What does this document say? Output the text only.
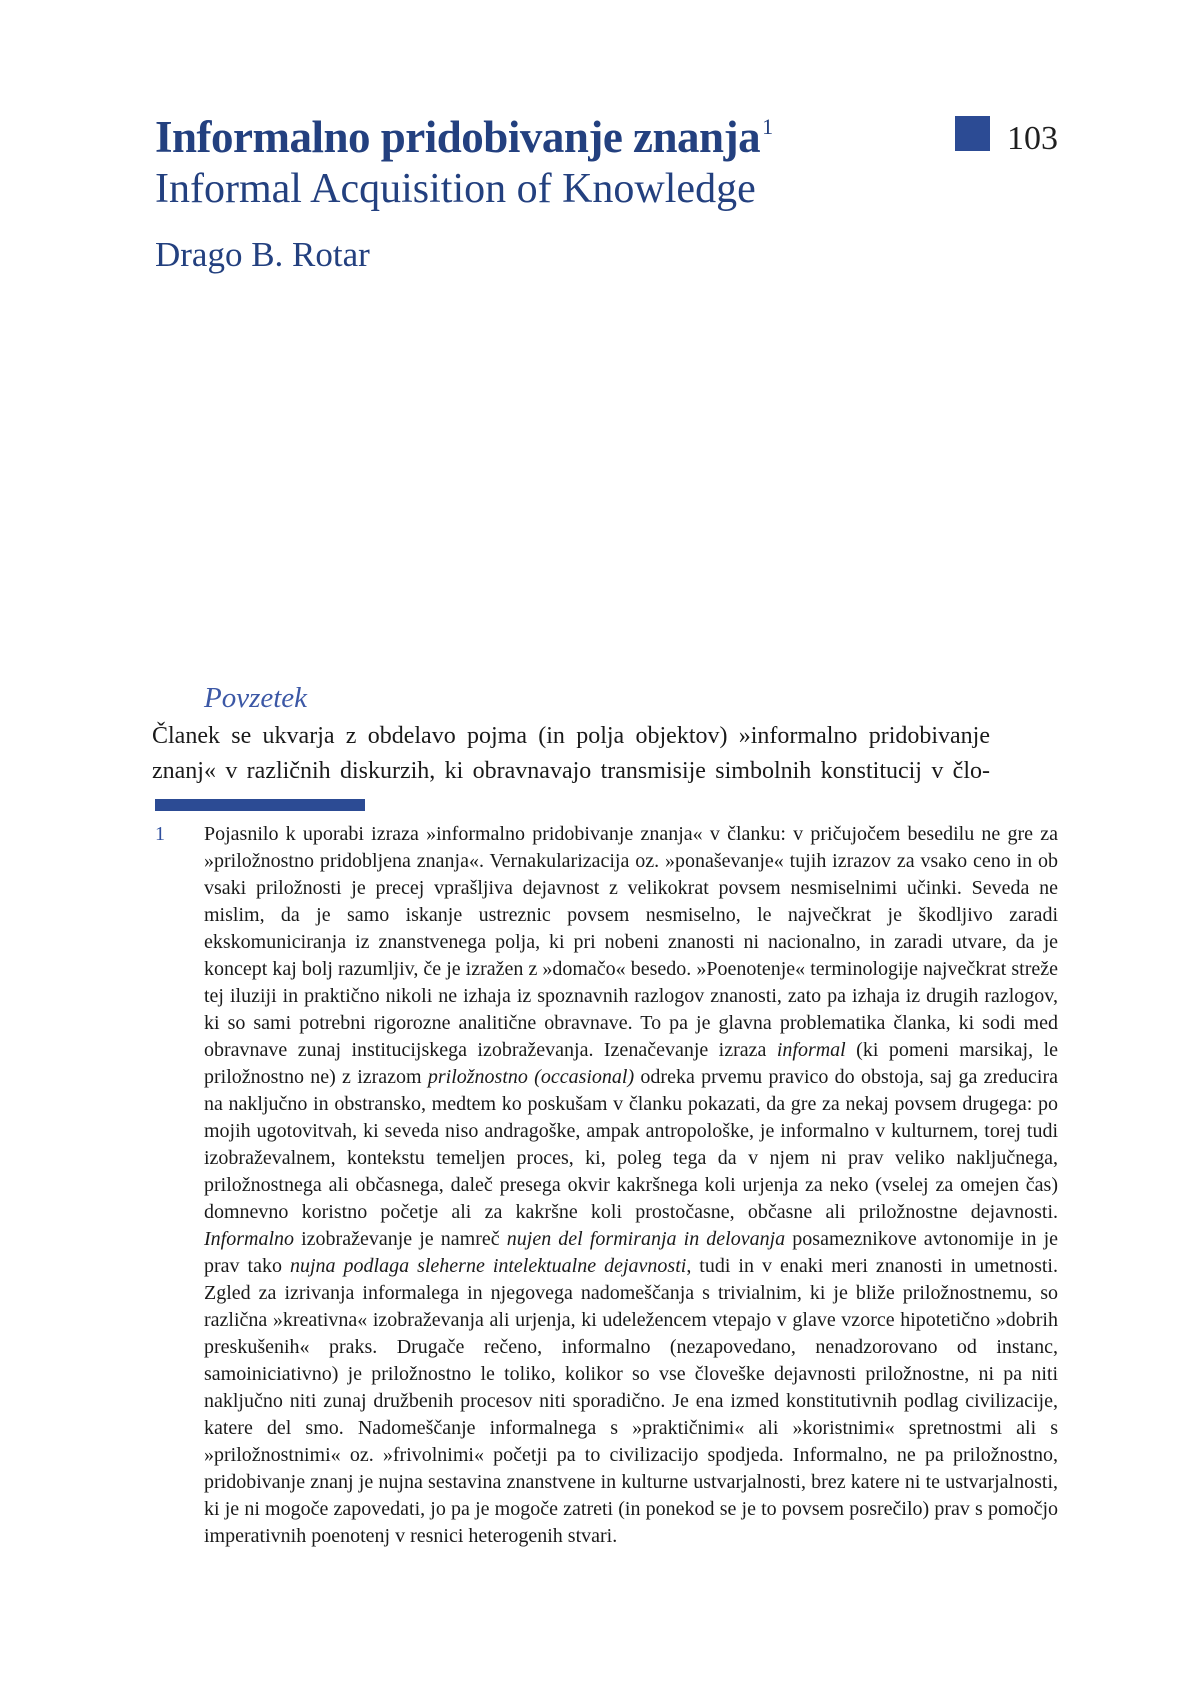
Informalno pridobivanje znanja$^1$
Informal Acquisition of Knowledge
Drago B. Rotar
103
Povzetek

Članek se ukvarja z obdelavo pojma (in polja objektov) »informalno pridobivanje
znanj« v različnih diskurzih, ki obravnavajo transmisije simbolnih konstitucij v člo-

1	Pojasnilo k uporabi izraza »informalno pridobivanje znanja« v članku: v pričujočem besedilu ne gre za »priložnostno pridobljena znanja«. Vernakularizacija oz. »ponaševanje« tujih izrazov za vsako ceno in ob vsaki priložnosti je precej vprašljiva dejavnost z velikokrat povsem nesmiselnimi učinki. Seveda ne mislim, da je samo iskanje ustreznic povsem nesmiselno, le največkrat je škodljivo zaradi ekskomuniciranja iz znanstvenega polja, ki pri nobeni znanosti ni nacionalno, in zaradi utvare, da je koncept kaj bolj razumljiv, če je izražen z »domačo« besedo. »Poenotenje« terminologije največkrat streže tej iluziji in praktično nikoli ne izhaja iz spoznavnih razlogov znanosti, zato pa izhaja iz drugih razlogov, ki so sami potrebni rigorozne analitične obravnave. To pa je glavna problematika članka, ki sodi med obravnave zunaj institucijskega izobraževanja. Izenačevanje izraza informal (ki pomeni marsikaj, le priložnostno ne) z izrazom priložnostno (occasional) odreka prvemu pravico do obstoja, saj ga zreducira na naključno in obstransko, medtem ko poskušam v članku pokazati, da gre za nekaj povsem drugega: po mojih ugotovitvah, ki seveda niso andragoške, ampak antropološke, je informalno v kulturnem, torej tudi izobraževalnem, kontekstu temeljen proces, ki, poleg tega da v njem ni prav veliko naključnega, priložnostnega ali občasnega, daleč presega okvir kakršnega koli urjenja za neko (vselej za omejen čas) domnevno koristno početje ali za kakršne koli prostočasne, občasne ali priložnostne dejavnosti. Informalno izobraževanje je namreč nujen del formiranja in delovanja posameznikove avtonomije in je prav tako nujna podlaga sleherne intelektualne dejavnosti, tudi in v enaki meri znanosti in umetnosti. Zgled za izrivanja informalega in njegovega nadomeščanja s trivialnim, ki je bliže priložnostnemu, so različna »kreativna« izobraževanja ali urjenja, ki udeležencem vtepajo v glave vzorce hipotetično »dobrih preskušenih« praks. Drugače rečeno, informalno (nezapovedano, nenadzorovano od instanc, samoiniciativno) je priložnostno le toliko, kolikor so vse človeške dejavnosti priložnostne, ni pa niti naključno niti zunaj družbenih procesov niti sporadično. Je ena izmed konstitutivnih podlag civilizacije, katere del smo. Nadomeščanje informalnega s »praktičnimi« ali »koristnimi« spretnostmi ali s »priložnostnimi« oz. »frivolnimi« početji pa to civilizacijo spodjeda. Informalno, ne pa priložnostno, pridobivanje znanj je nujna sestavina znanstvene in kulturne ustvarjalnosti, brez katere ni te ustvarjalnosti, ki je ni mogoče zapovedati, jo pa je mogoče zatreti (in ponekod se je to povsem posrečilo) prav s pomočjo imperativnih poenotenj v resnici heterogenih stvari.
